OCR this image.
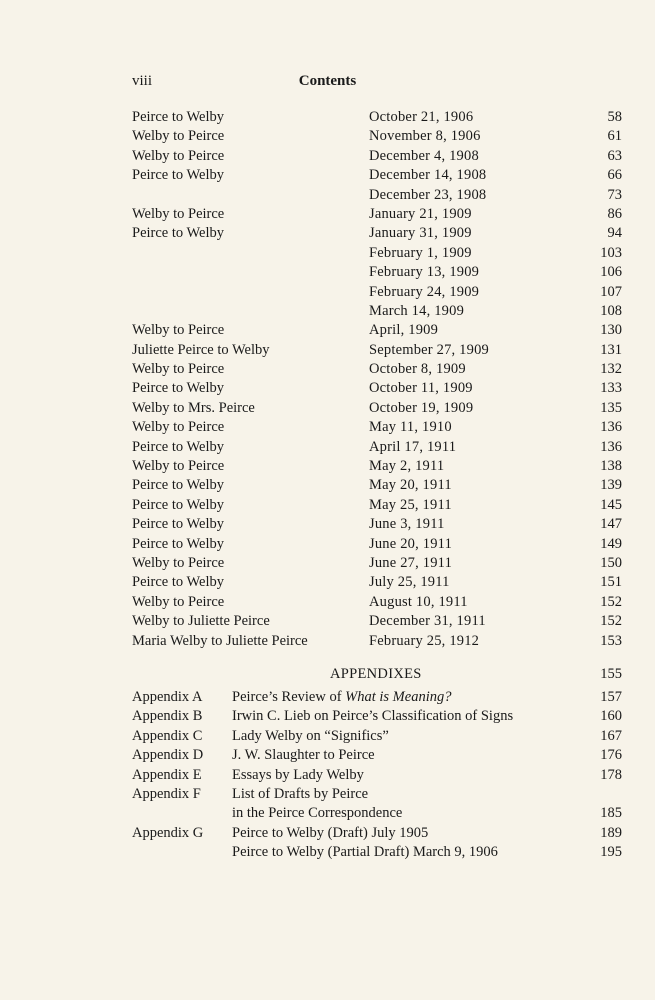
viii	Contents
Peirce to Welby	October 21, 1906	58
Welby to Peirce	November 8, 1906	61
Welby to Peirce	December 4, 1908	63
Peirce to Welby	December 14, 1908	66
December 23, 1908	73
Welby to Peirce	January 21, 1909	86
Peirce to Welby	January 31, 1909	94
February 1, 1909	103
February 13, 1909	106
February 24, 1909	107
March 14, 1909	108
Welby to Peirce	April, 1909	130
Juliette Peirce to Welby	September 27, 1909	131
Welby to Peirce	October 8, 1909	132
Peirce to Welby	October 11, 1909	133
Welby to Mrs. Peirce	October 19, 1909	135
Welby to Peirce	May 11, 1910	136
Peirce to Welby	April 17, 1911	136
Welby to Peirce	May 2, 1911	138
Peirce to Welby	May 20, 1911	139
Peirce to Welby	May 25, 1911	145
Peirce to Welby	June 3, 1911	147
Peirce to Welby	June 20, 1911	149
Welby to Peirce	June 27, 1911	150
Peirce to Welby	July 25, 1911	151
Welby to Peirce	August 10, 1911	152
Welby to Juliette Peirce	December 31, 1911	152
Maria Welby to Juliette Peirce	February 25, 1912	153
APPENDIXES	155
Appendix A Peirce’s Review of What is Meaning?	157
Appendix B Irwin C. Lieb on Peirce’s Classification of Signs	160
Appendix C Lady Welby on “Significs”	167
Appendix D J. W. Slaughter to Peirce	176
Appendix E Essays by Lady Welby	178
Appendix F List of Drafts by Peirce
in the Peirce Correspondence	185
Appendix G Peirce to Welby (Draft) July 1905	189
Peirce to Welby (Partial Draft) March 9, 1906	195
